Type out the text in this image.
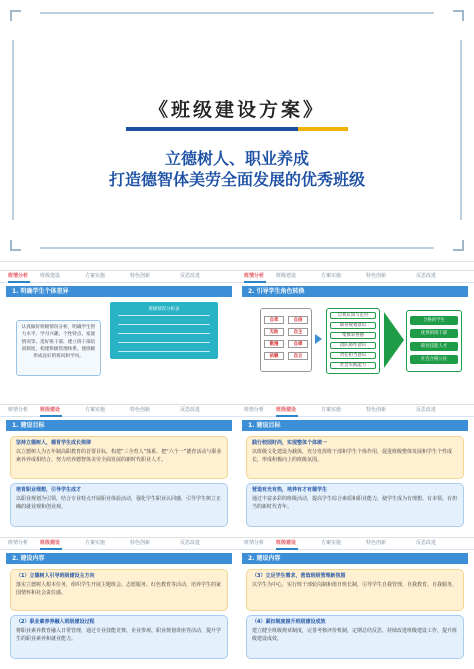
《班级建设方案》
立德树人、职业养成
打造德智体美劳全面发展的优秀班级
班情分析 班级建设	方案实施	特色创新	反思改进	班情分析 班级建设	方案实施	特色创新	反思改进
1. 明确学生个体差异
认真做好班级情况分析，明确学生智力水平、学习兴趣、个性特点、家庭情况等。选好班干部，建立班干部培训制度，构建班级管理体系，使班级形成良好的班风和学风。
班级情况分析表
2. 引导学生角色转换
自卑	自信
无助	自主
散漫	自律
依赖	自立
自我认知与定位
职业规划意识
集体荣誉感
团队协作意识
责任担当意识
社会实践能力
合格的学生
优秀的班干部
职业技能人才
社会合格公民
班情分析 班级建设	方案实施	特色创新	反思改进	班情分析 班级建设	方案实施	特色创新	反思改进
1. 建设目标
坚持立德树人，德育学生成长规律
以立德树人为五年制高职教育的首要目标，构建“三全育人”体系，把“六个一”德育活动与职业素养养成相结合，努力培养德智体美劳全面发展的新时代职业人才。
培育职业理想，引导学生成才
以职业规划为引领，结合专业特点开展职业体验活动，强化学生职业认同感，引导学生树立正确的就业观和创业观。
1. 建设目标
践行校园时尚，实现整体个体统一
以班级文化建设为载体，充分发挥班干部和学生个体作用，促进班级整体发展和学生个性成长，形成积极向上的班级氛围。
营造有光有热，培养有才有德学生
通过丰富多彩的班级活动，提高学生综合素质和职业能力，使学生成为有理想、有本领、有担当的新时代青年。
班情分析 班级建设	方案实施	特色创新	反思改进	班情分析 班级建设	方案实施	特色创新	反思改进
2. 建设内容
（1）立德树人引导班级建设主方向
落实立德树人根本任务，组织学生开展主题班会、志愿服务、红色教育等活动，培养学生的家国情怀和社会责任感。
（2）职业素养养融入班级建设过程
将职业素养教育融入日常管理，通过专业技能竞赛、企业参观、职业规划讲座等活动，提升学生的职业素养和就业能力。
2. 建设内容
（3）立足学生需求，营造班级管理新氛围
以学生为中心，实行班干部轮岗制和值日班长制，引导学生自我管理、自我教育、自我服务。
（4）紧扣制度提升班级建设成效
建立健全班级规章制度，完善考核评价机制，定期总结反思，持续改进班级建设工作，提升班级建设成效。
